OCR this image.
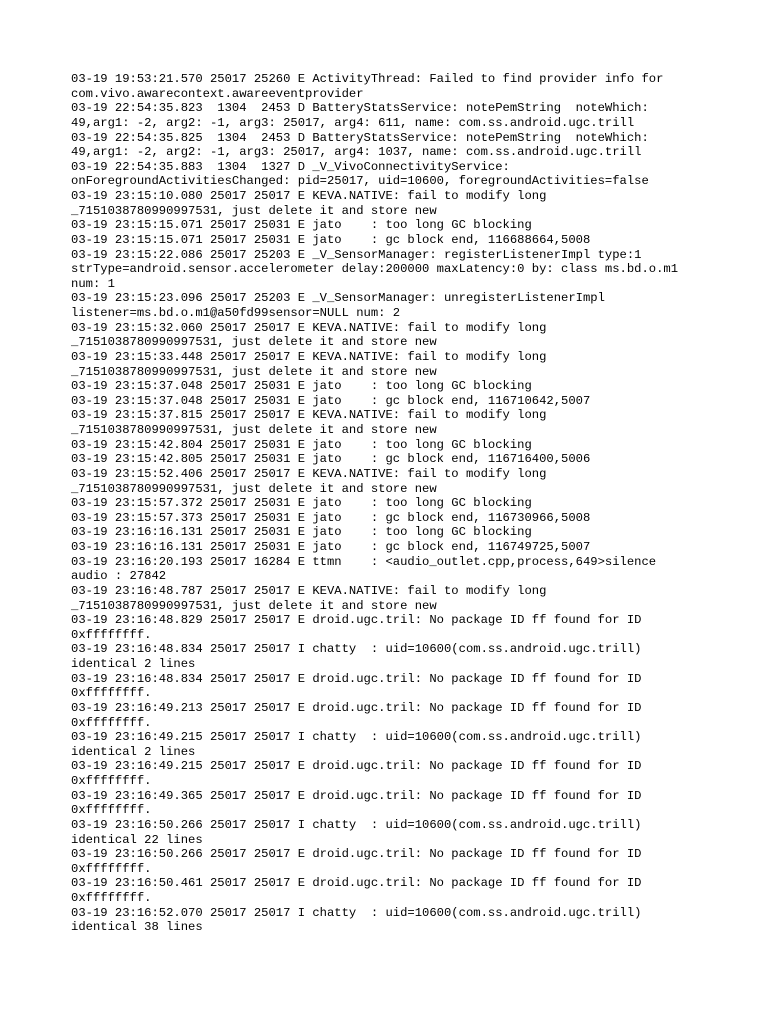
03-19 19:53:21.570 25017 25260 E ActivityThread: Failed to find provider info for
com.vivo.awarecontext.awareeventprovider
03-19 22:54:35.823  1304  2453 D BatteryStatsService: notePemString  noteWhich:
49,arg1: -2, arg2: -1, arg3: 25017, arg4: 611, name: com.ss.android.ugc.trill
03-19 22:54:35.825  1304  2453 D BatteryStatsService: notePemString  noteWhich:
49,arg1: -2, arg2: -1, arg3: 25017, arg4: 1037, name: com.ss.android.ugc.trill
03-19 22:54:35.883  1304  1327 D _V_VivoConnectivityService:
onForegroundActivitiesChanged: pid=25017, uid=10600, foregroundActivities=false
03-19 23:15:10.080 25017 25017 E KEVA.NATIVE: fail to modify long
_7151038780990997531, just delete it and store new
03-19 23:15:15.071 25017 25031 E jato    : too long GC blocking
03-19 23:15:15.071 25017 25031 E jato    : gc block end, 116688664,5008
03-19 23:15:22.086 25017 25203 E _V_SensorManager: registerListenerImpl type:1
strType=android.sensor.accelerometer delay:200000 maxLatency:0 by: class ms.bd.o.m1
num: 1
03-19 23:15:23.096 25017 25203 E _V_SensorManager: unregisterListenerImpl
listener=ms.bd.o.m1@a50fd99sensor=NULL num: 2
03-19 23:15:32.060 25017 25017 E KEVA.NATIVE: fail to modify long
_7151038780990997531, just delete it and store new
03-19 23:15:33.448 25017 25017 E KEVA.NATIVE: fail to modify long
_7151038780990997531, just delete it and store new
03-19 23:15:37.048 25017 25031 E jato    : too long GC blocking
03-19 23:15:37.048 25017 25031 E jato    : gc block end, 116710642,5007
03-19 23:15:37.815 25017 25017 E KEVA.NATIVE: fail to modify long
_7151038780990997531, just delete it and store new
03-19 23:15:42.804 25017 25031 E jato    : too long GC blocking
03-19 23:15:42.805 25017 25031 E jato    : gc block end, 116716400,5006
03-19 23:15:52.406 25017 25017 E KEVA.NATIVE: fail to modify long
_7151038780990997531, just delete it and store new
03-19 23:15:57.372 25017 25031 E jato    : too long GC blocking
03-19 23:15:57.373 25017 25031 E jato    : gc block end, 116730966,5008
03-19 23:16:16.131 25017 25031 E jato    : too long GC blocking
03-19 23:16:16.131 25017 25031 E jato    : gc block end, 116749725,5007
03-19 23:16:20.193 25017 16284 E ttmn    : <audio_outlet.cpp,process,649>silence
audio : 27842
03-19 23:16:48.787 25017 25017 E KEVA.NATIVE: fail to modify long
_7151038780990997531, just delete it and store new
03-19 23:16:48.829 25017 25017 E droid.ugc.tril: No package ID ff found for ID
0xffffffff.
03-19 23:16:48.834 25017 25017 I chatty  : uid=10600(com.ss.android.ugc.trill)
identical 2 lines
03-19 23:16:48.834 25017 25017 E droid.ugc.tril: No package ID ff found for ID
0xffffffff.
03-19 23:16:49.213 25017 25017 E droid.ugc.tril: No package ID ff found for ID
0xffffffff.
03-19 23:16:49.215 25017 25017 I chatty  : uid=10600(com.ss.android.ugc.trill)
identical 2 lines
03-19 23:16:49.215 25017 25017 E droid.ugc.tril: No package ID ff found for ID
0xffffffff.
03-19 23:16:49.365 25017 25017 E droid.ugc.tril: No package ID ff found for ID
0xffffffff.
03-19 23:16:50.266 25017 25017 I chatty  : uid=10600(com.ss.android.ugc.trill)
identical 22 lines
03-19 23:16:50.266 25017 25017 E droid.ugc.tril: No package ID ff found for ID
0xffffffff.
03-19 23:16:50.461 25017 25017 E droid.ugc.tril: No package ID ff found for ID
0xffffffff.
03-19 23:16:52.070 25017 25017 I chatty  : uid=10600(com.ss.android.ugc.trill)
identical 38 lines
